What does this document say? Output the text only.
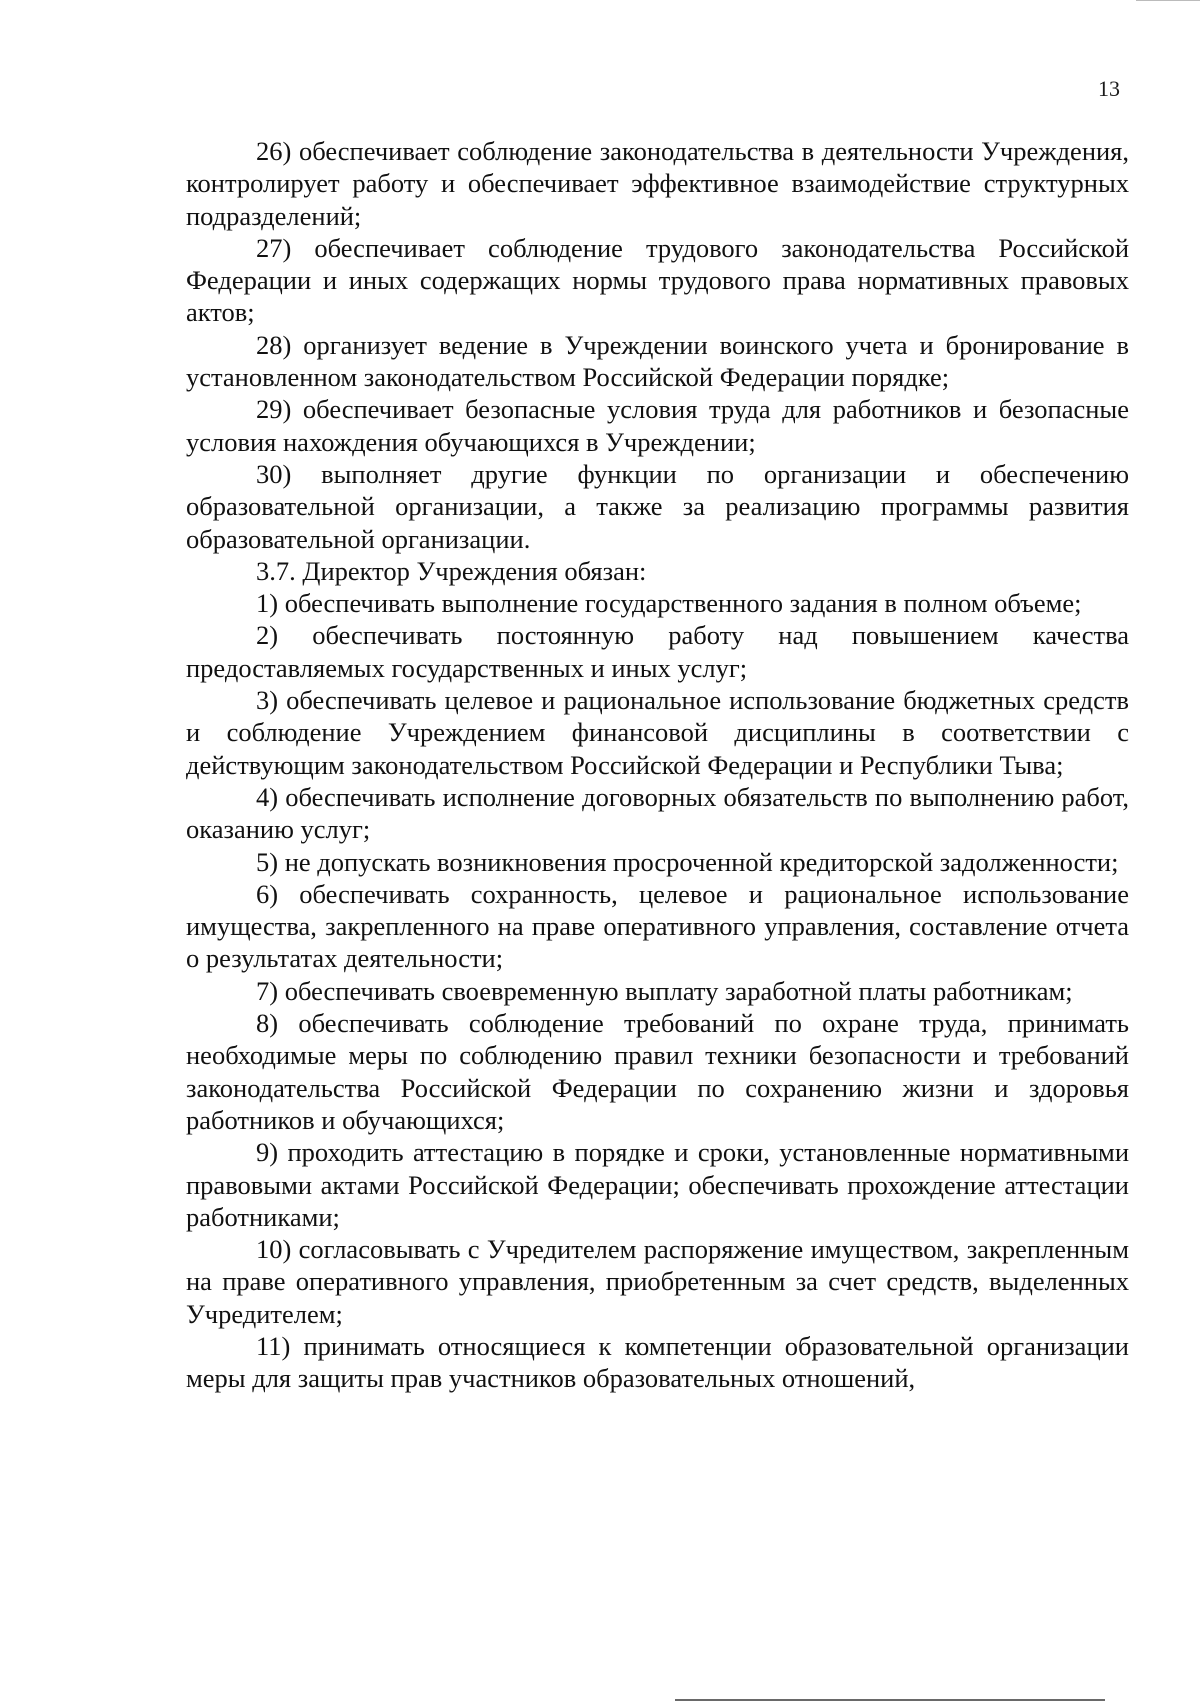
13

26) обеспечивает соблюдение законодательства в деятельности Учреждения, контролирует работу и обеспечивает эффективное взаимодействие структурных подразделений;

27) обеспечивает соблюдение трудового законодательства Российской Федерации и иных содержащих нормы трудового права нормативных правовых актов;

28) организует ведение в Учреждении воинского учета и бронирование в установленном законодательством Российской Федерации порядке;

29) обеспечивает безопасные условия труда для работников и безопасные условия нахождения обучающихся в Учреждении;

30) выполняет другие функции по организации и обеспечению образовательной организации, а также за реализацию программы развития образовательной организации.

3.7. Директор Учреждения обязан:

1) обеспечивать выполнение государственного задания в полном объеме;

2) обеспечивать постоянную работу над повышением качества предоставляемых государственных и иных услуг;

3) обеспечивать целевое и рациональное использование бюджетных средств и соблюдение Учреждением финансовой дисциплины в соответствии с действующим законодательством Российской Федерации и Республики Тыва;

4) обеспечивать исполнение договорных обязательств по выполнению работ, оказанию услуг;

5) не допускать возникновения просроченной кредиторской задолженности;

6) обеспечивать сохранность, целевое и рациональное использование имущества, закрепленного на праве оперативного управления, составление отчета о результатах деятельности;

7) обеспечивать своевременную выплату заработной платы работникам;

8) обеспечивать соблюдение требований по охране труда, принимать необходимые меры по соблюдению правил техники безопасности и требований законодательства Российской Федерации по сохранению жизни и здоровья работников и обучающихся;

9) проходить аттестацию в порядке и сроки, установленные нормативными правовыми актами Российской Федерации; обеспечивать прохождение аттестации работниками;

10) согласовывать с Учредителем распоряжение имуществом, закрепленным на праве оперативного управления, приобретенным за счет средств, выделенных Учредителем;

11) принимать относящиеся к компетенции образовательной организации меры для защиты прав участников образовательных отношений,
